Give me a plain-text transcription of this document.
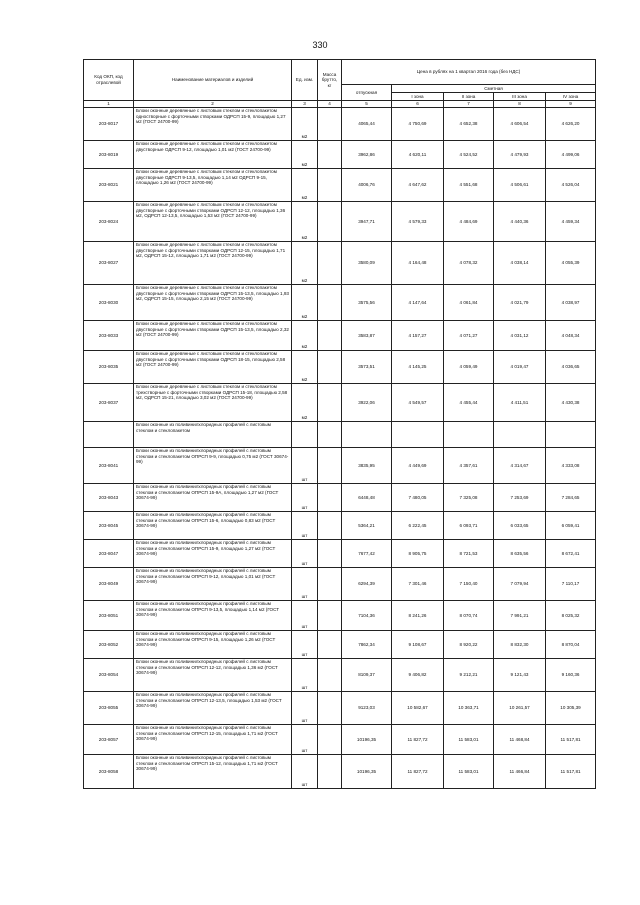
330
Код ОКП, код отраслевой	Наименование материалов и изделий	Ед. изм.	Масса брутто, кг	Цена в рублях на 1 квартал 2016 года (без НДС)				
				отпускная	Сметная			
					I зона	II зона	III зона	IV зона
1	2	3	4	5	6	7	8	9
203-8017	Блоки оконные деревянные с листовым стеклом и стеклопакетом одностворные с форточными створками ОДРСП 15-9, площадью 1,27 м2 (ГОСТ 24700-99)	м2		4065,44	4 750,69	4 652,38	4 606,54	4 626,20
203-8019	Блоки оконные деревянные с листовым стеклом и стеклопакетом двустворные ОДРСП 9-12, площадью 1,01 м2 (ГОСТ 24700-99)	м2		3962,86	4 620,11	4 524,52	4 479,93	4 499,06
203-8021	Блоки оконные деревянные с листовым стеклом и стеклопакетом двустворные ОДРСП 9-13,5, площадью 1,14 м2 ОДРСП 9-15, площадью 1,26 м2 (ГОСТ 24700-99)	м2		4006,76	4 647,62	4 551,68	4 506,61	4 526,04
203-8024	Блоки оконные деревянные с листовым стеклом и стеклопакетом двустворные с форточными створками ОДРСП 12-12, площадью 1,36 м2, ОДРСП 12-13,5, площадью 1,53 м2 (ГОСТ 24700-99)	м2		3947,71	4 579,33	4 484,69	4 440,36	4 459,34
203-8027	Блоки оконные деревянные с листовым стеклом и стеклопакетом двустворные с форточными створками ОДРСП 12-15, площадью 1,71 м2, ОДРСП 15-12, площадью 1,71 м2 (ГОСТ 24700-99)	м2		3580,09	4 164,48	4 078,32	4 038,14	4 055,39
203-8030	Блоки оконные деревянные с листовым стеклом и стеклопакетом двустворные с форточными створками ОДРСП 15-13,5, площадью 1,93 м2, ОДРСП 15-15, площадью 2,15 м2 (ГОСТ 24700-99)	м2		3575,56	4 147,64	4 061,84	4 021,79	4 038,97
203-8033	Блоки оконные деревянные с листовым стеклом и стеклопакетом двустворные с форточными створками ОДРСП 15-13,5, площадью 2,32 м2 (ГОСТ 24700-99)	м2		3583,87	4 157,27	4 071,27	4 031,12	4 048,34
203-8035	Блоки оконные деревянные с листовым стеклом и стеклопакетом двустворные с форточными створками ОДРСП 18-15, площадью 2,58 м2 (ГОСТ 24700-99)	м2		3573,51	4 145,25	4 059,49	4 019,47	4 036,65
203-8037	Блоки оконные деревянные с листовым стеклом и стеклопакетом трехстворные с форточными створками ОДРСП 15-18, площадью 2,58 м2, ОДРСП 15-21, площадью 3,02 м2 (ГОСТ 24700-99)	м2		3922,06	4 549,57	4 455,44	4 411,51	4 430,38
	Блоки оконные из поливинилхлоридных профилей с листовым стеклом и стеклопакетом							
203-8041	Блоки оконные из поливинилхлоридных профилей с листовым стеклом и стеклопакетом ОПРСП 9-9, площадью 0,75 м2 (ГОСТ 30674-99)	шт		3835,95	4 449,69	4 357,61	4 314,67	4 333,08
203-8043	Блоки оконные из поливинилхлоридных профилей с листовым стеклом и стеклопакетом ОПРСП 15-9А, площадью 1,27 м2 (ГОСТ 30674-99)	шт		6448,48	7 480,05	7 325,08	7 253,69	7 284,65
203-8045	Блоки оконные из поливинилхлоридных профилей с листовым стеклом и стеклопакетом ОПРСП 15-6, площадью 0,83 м2 (ГОСТ 30674-99)	шт		5364,21	6 222,45	6 093,71	6 033,65	6 059,41
203-8047	Блоки оконные из поливинилхлоридных профилей с листовым стеклом и стеклопакетом ОПРСП 15-9, площадью 1,27 м2 (ГОСТ 30674-99)	шт		7677,42	8 905,75	8 721,53	8 635,56	8 672,41
203-8049	Блоки оконные из поливинилхлоридных профилей с листовым стеклом и стеклопакетом ОПРСП 9-12, площадью 1,01 м2 (ГОСТ 30674-99)	шт		6294,39	7 301,46	7 150,40	7 079,94	7 110,17
203-8051	Блоки оконные из поливинилхлоридных профилей с листовым стеклом и стеклопакетом ОПРСП 9-13,5, площадью 1,14 м2 (ГОСТ 30674-99)	шт		7104,36	8 241,26	8 070,74	7 991,21	8 025,32
203-8052	Блоки оконные из поливинилхлоридных профилей с листовым стеклом и стеклопакетом ОПРСП 9-15, площадью 1,26 м2 (ГОСТ 30674-99)	шт		7862,34	9 108,67	8 920,22	8 832,30	8 870,04
203-8054	Блоки оконные из поливинилхлоридных профилей с листовым стеклом и стеклопакетом ОПРСП 12-12, площадью 1,36 м2 (ГОСТ 30674-99)	шт		8109,37	9 406,82	9 212,21	9 121,43	9 160,36
203-8055	Блоки оконные из поливинилхлоридных профилей с листовым стеклом и стеклопакетом ОПРСП 12-13,5, площадью 1,53 м2 (ГОСТ 30674-99)	шт		9123,03	10 582,67	10 363,71	10 261,57	10 305,39
203-8057	Блоки оконные из поливинилхлоридных профилей с листовым стеклом и стеклопакетом ОПРСП 12-15, площадью 1,71 м2 (ГОСТ 30674-99)	шт		10196,35	11 827,72	11 583,01	11 468,84	11 517,81
203-8058	Блоки оконные из поливинилхлоридных профилей с листовым стеклом и стеклопакетом ОПРСП 15-12, площадью 1,71 м2 (ГОСТ 30674-99)	шт		10196,35	11 827,72	11 583,01	11 466,84	11 517,81
